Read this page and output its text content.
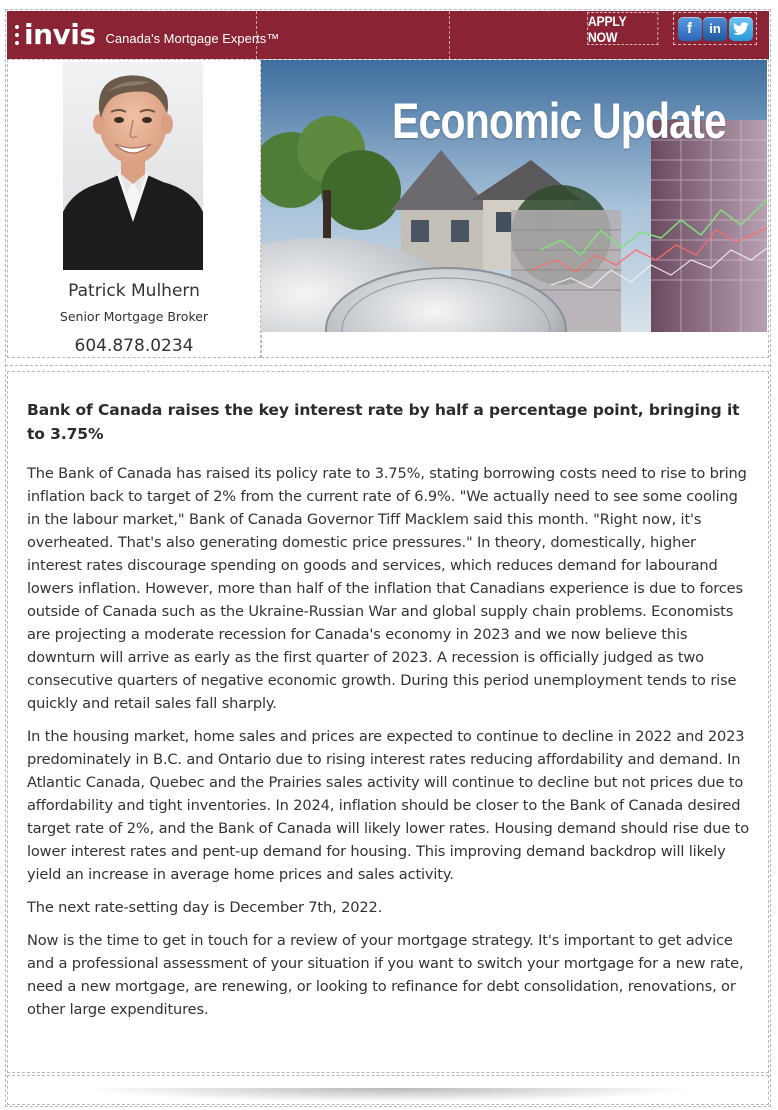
invis Canada's Mortgage Experts™
APPLY NOW	f	in
Patrick Mulhern
Senior Mortgage Broker
604.878.0234
Economic Update
Bank of Canada raises the key interest rate by half a percentage point, bringing it to 3.75%

The Bank of Canada has raised its policy rate to 3.75%, stating borrowing costs need to rise to bring inflation back to target of 2% from the current rate of 6.9%. "We actually need to see some cooling in the labour market," Bank of Canada Governor Tiff Macklem said this month. "Right now, it's overheated. That's also generating domestic price pressures." In theory, domestically, higher interest rates discourage spending on goods and services, which reduces demand for labourand lowers inflation. However, more than half of the inflation that Canadians experience is due to forces outside of Canada such as the Ukraine-Russian War and global supply chain problems. Economists are projecting a moderate recession for Canada's economy in 2023 and we now believe this downturn will arrive as early as the first quarter of 2023. A recession is officially judged as two consecutive quarters of negative economic growth. During this period unemployment tends to rise quickly and retail sales fall sharply.

In the housing market, home sales and prices are expected to continue to decline in 2022 and 2023 predominately in B.C. and Ontario due to rising interest rates reducing affordability and demand. In Atlantic Canada, Quebec and the Prairies sales activity will continue to decline but not prices due to affordability and tight inventories. In 2024, inflation should be closer to the Bank of Canada desired target rate of 2%, and the Bank of Canada will likely lower rates. Housing demand should rise due to lower interest rates and pent-up demand for housing. This improving demand backdrop will likely yield an increase in average home prices and sales activity.

The next rate-setting day is December 7th, 2022.

Now is the time to get in touch for a review of your mortgage strategy. It's important to get advice and a professional assessment of your situation if you want to switch your mortgage for a new rate, need a new mortgage, are renewing, or looking to refinance for debt consolidation, renovations, or other large expenditures.
